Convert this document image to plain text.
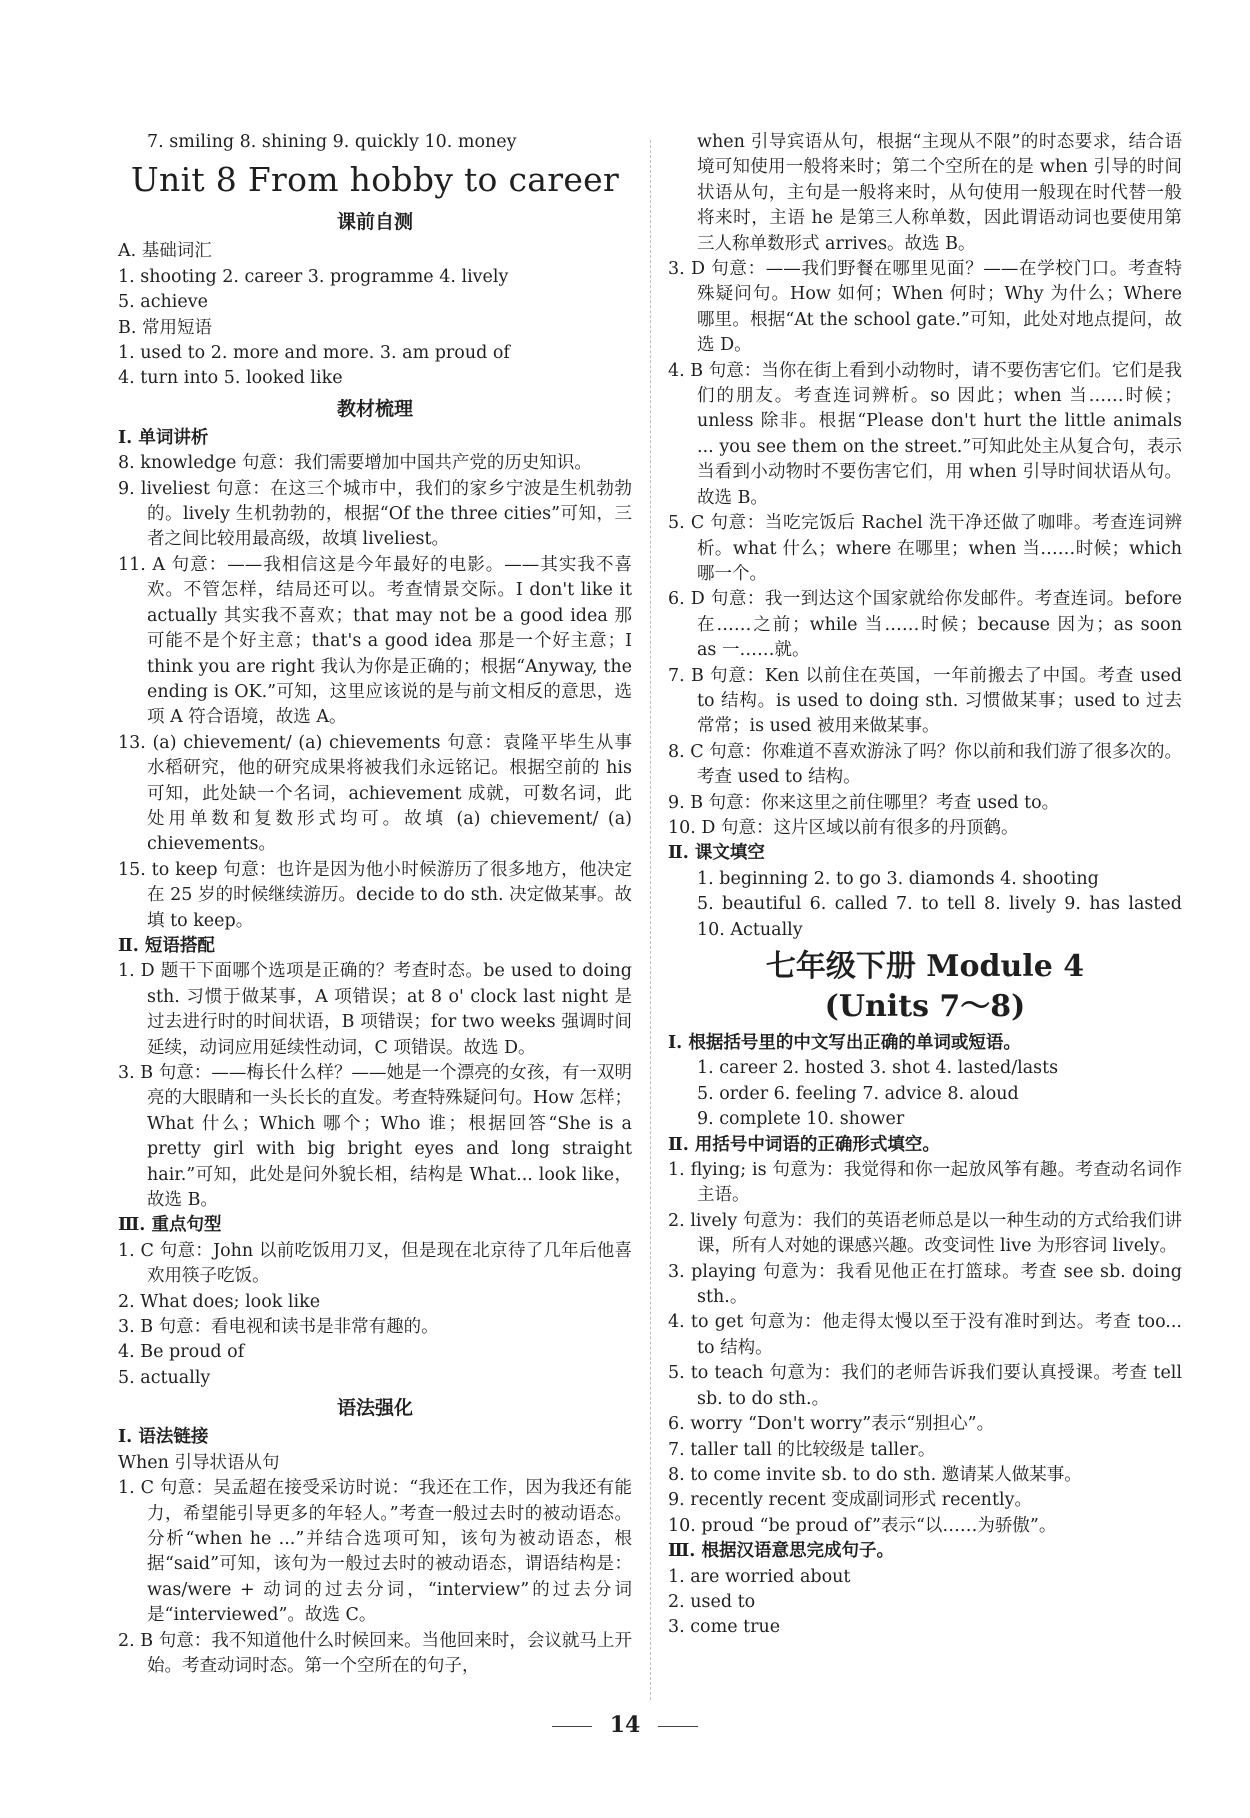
7. smiling 8. shining 9. quickly 10. money

Unit 8 From hobby to career
课前自测

A. 基础词汇

1. shooting 2. career 3. programme 4. lively

5. achieve

B. 常用短语

1. used to 2. more and more. 3. am proud of

4. turn into 5. looked like

教材梳理

Ⅰ. 单词讲析

8. knowledge 句意：我们需要增加中国共产党的历史知识。

9. liveliest 句意：在这三个城市中，我们的家乡宁波是生机勃勃的。lively 生机勃勃的，根据“Of the three cities”可知，三者之间比较用最高级，故填 liveliest。

11. A 句意：——我相信这是今年最好的电影。——其实我不喜欢。不管怎样，结局还可以。考查情景交际。I don't like it actually 其实我不喜欢；that may not be a good idea 那可能不是个好主意；that's a good idea 那是一个好主意；I think you are right 我认为你是正确的；根据“Anyway, the ending is OK.”可知，这里应该说的是与前文相反的意思，选项 A 符合语境，故选 A。

13. (a) chievement/ (a) chievements 句意：袁隆平毕生从事水稻研究，他的研究成果将被我们永远铭记。根据空前的 his 可知，此处缺一个名词，achievement 成就，可数名词，此处用单数和复数形式均可。故填 (a) chievement/ (a) chievements。

15. to keep 句意：也许是因为他小时候游历了很多地方，他决定在 25 岁的时候继续游历。decide to do sth. 决定做某事。故填 to keep。

Ⅱ. 短语搭配

1. D 题干下面哪个选项是正确的？考查时态。be used to doing sth. 习惯于做某事，A 项错误；at 8 o' clock last night 是过去进行时的时间状语，B 项错误；for two weeks 强调时间延续，动词应用延续性动词，C 项错误。故选 D。

3. B 句意：——梅长什么样？——她是一个漂亮的女孩，有一双明亮的大眼睛和一头长长的直发。考查特殊疑问句。How 怎样；What 什么；Which 哪个；Who 谁；根据回答“She is a pretty girl with big bright eyes and long straight hair.”可知，此处是问外貌长相，结构是 What... look like，故选 B。

Ⅲ. 重点句型

1. C 句意：John 以前吃饭用刀叉，但是现在北京待了几年后他喜欢用筷子吃饭。

2. What does; look like

3. B 句意：看电视和读书是非常有趣的。

4. Be proud of

5. actually

语法强化

Ⅰ. 语法链接

When 引导状语从句

1. C 句意：吴孟超在接受采访时说：“我还在工作，因为我还有能力，希望能引导更多的年轻人。”考查一般过去时的被动语态。分析“when he ...”并结合选项可知，该句为被动语态，根据“said”可知，该句为一般过去时的被动语态，谓语结构是：was/were + 动词的过去分词，“interview”的过去分词是“interviewed”。故选 C。

2. B 句意：我不知道他什么时候回来。当他回来时，会议就马上开始。考查动词时态。第一个空所在的句子，

when 引导宾语从句，根据“主现从不限”的时态要求，结合语境可知使用一般将来时；第二个空所在的是 when 引导的时间状语从句，主句是一般将来时，从句使用一般现在时代替一般将来时，主语 he 是第三人称单数，因此谓语动词也要使用第三人称单数形式 arrives。故选 B。

3. D 句意：——我们野餐在哪里见面？——在学校门口。考查特殊疑问句。How 如何；When 何时；Why 为什么；Where 哪里。根据“At the school gate.”可知，此处对地点提问，故选 D。

4. B 句意：当你在街上看到小动物时，请不要伤害它们。它们是我们的朋友。考查连词辨析。so 因此；when 当……时候；unless 除非。根据“Please don't hurt the little animals ... you see them on the street.”可知此处主从复合句，表示当看到小动物时不要伤害它们，用 when 引导时间状语从句。故选 B。

5. C 句意：当吃完饭后 Rachel 洗干净还做了咖啡。考查连词辨析。what 什么；where 在哪里；when 当……时候；which 哪一个。

6. D 句意：我一到达这个国家就给你发邮件。考查连词。before 在……之前；while 当……时候；because 因为；as soon as 一……就。

7. B 句意：Ken 以前住在英国，一年前搬去了中国。考查 used to 结构。is used to doing sth. 习惯做某事；used to 过去常常；is used 被用来做某事。

8. C 句意：你难道不喜欢游泳了吗？你以前和我们游了很多次的。考查 used to 结构。

9. B 句意：你来这里之前住哪里？考查 used to。

10. D 句意：这片区域以前有很多的丹顶鹤。

Ⅱ. 课文填空

1. beginning 2. to go 3. diamonds 4. shooting

5. beautiful 6. called 7. to tell 8. lively 9. has lasted 10. Actually

七年级下册 Module 4
(Units 7～8)

Ⅰ. 根据括号里的中文写出正确的单词或短语。

1. career 2. hosted 3. shot 4. lasted/lasts

5. order 6. feeling 7. advice 8. aloud

9. complete 10. shower

Ⅱ. 用括号中词语的正确形式填空。

1. flying; is 句意为：我觉得和你一起放风筝有趣。考查动名词作主语。

2. lively 句意为：我们的英语老师总是以一种生动的方式给我们讲课，所有人对她的课感兴趣。改变词性 live 为形容词 lively。

3. playing 句意为：我看见他正在打篮球。考查 see sb. doing sth.。

4. to get 句意为：他走得太慢以至于没有准时到达。考查 too... to 结构。

5. to teach 句意为：我们的老师告诉我们要认真授课。考查 tell sb. to do sth.。

6. worry “Don't worry”表示“别担心”。

7. taller tall 的比较级是 taller。

8. to come invite sb. to do sth. 邀请某人做某事。

9. recently recent 变成副词形式 recently。

10. proud “be proud of”表示“以……为骄傲”。

Ⅲ. 根据汉语意思完成句子。

1. are worried about

2. used to

3. come true

14
